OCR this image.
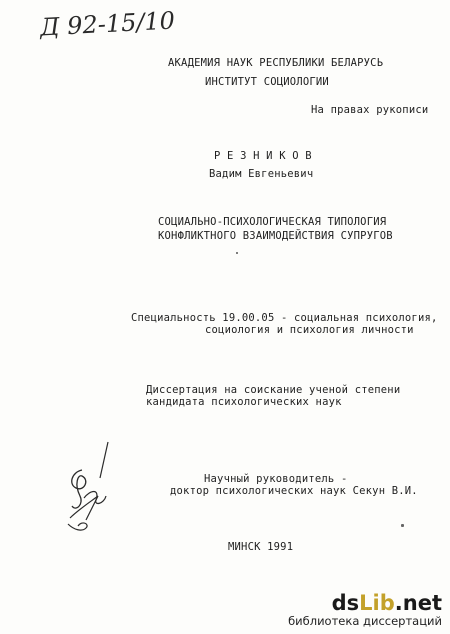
Д 92-15/10
АКАДЕМИЯ НАУК РЕСПУБЛИКИ БЕЛАРУСЬ
ИНСТИТУТ СОЦИОЛОГИИ
На правах рукописи
Р Е З Н И К О В
Вадим Евгеньевич
СОЦИАЛЬНО-ПСИХОЛОГИЧЕСКАЯ ТИПОЛОГИЯ
КОНФЛИКТНОГО ВЗАИМОДЕЙСТВИЯ СУПРУГОВ
Специальность 19.00.05 - социальная психология,
социология и психология личности
Диссертация на соискание ученой степени
кандидата психологических наук
Научный руководитель -
доктор психологических наук Секун В.И.
МИНСК 1991
dsLib.net
библиотека диссертаций
